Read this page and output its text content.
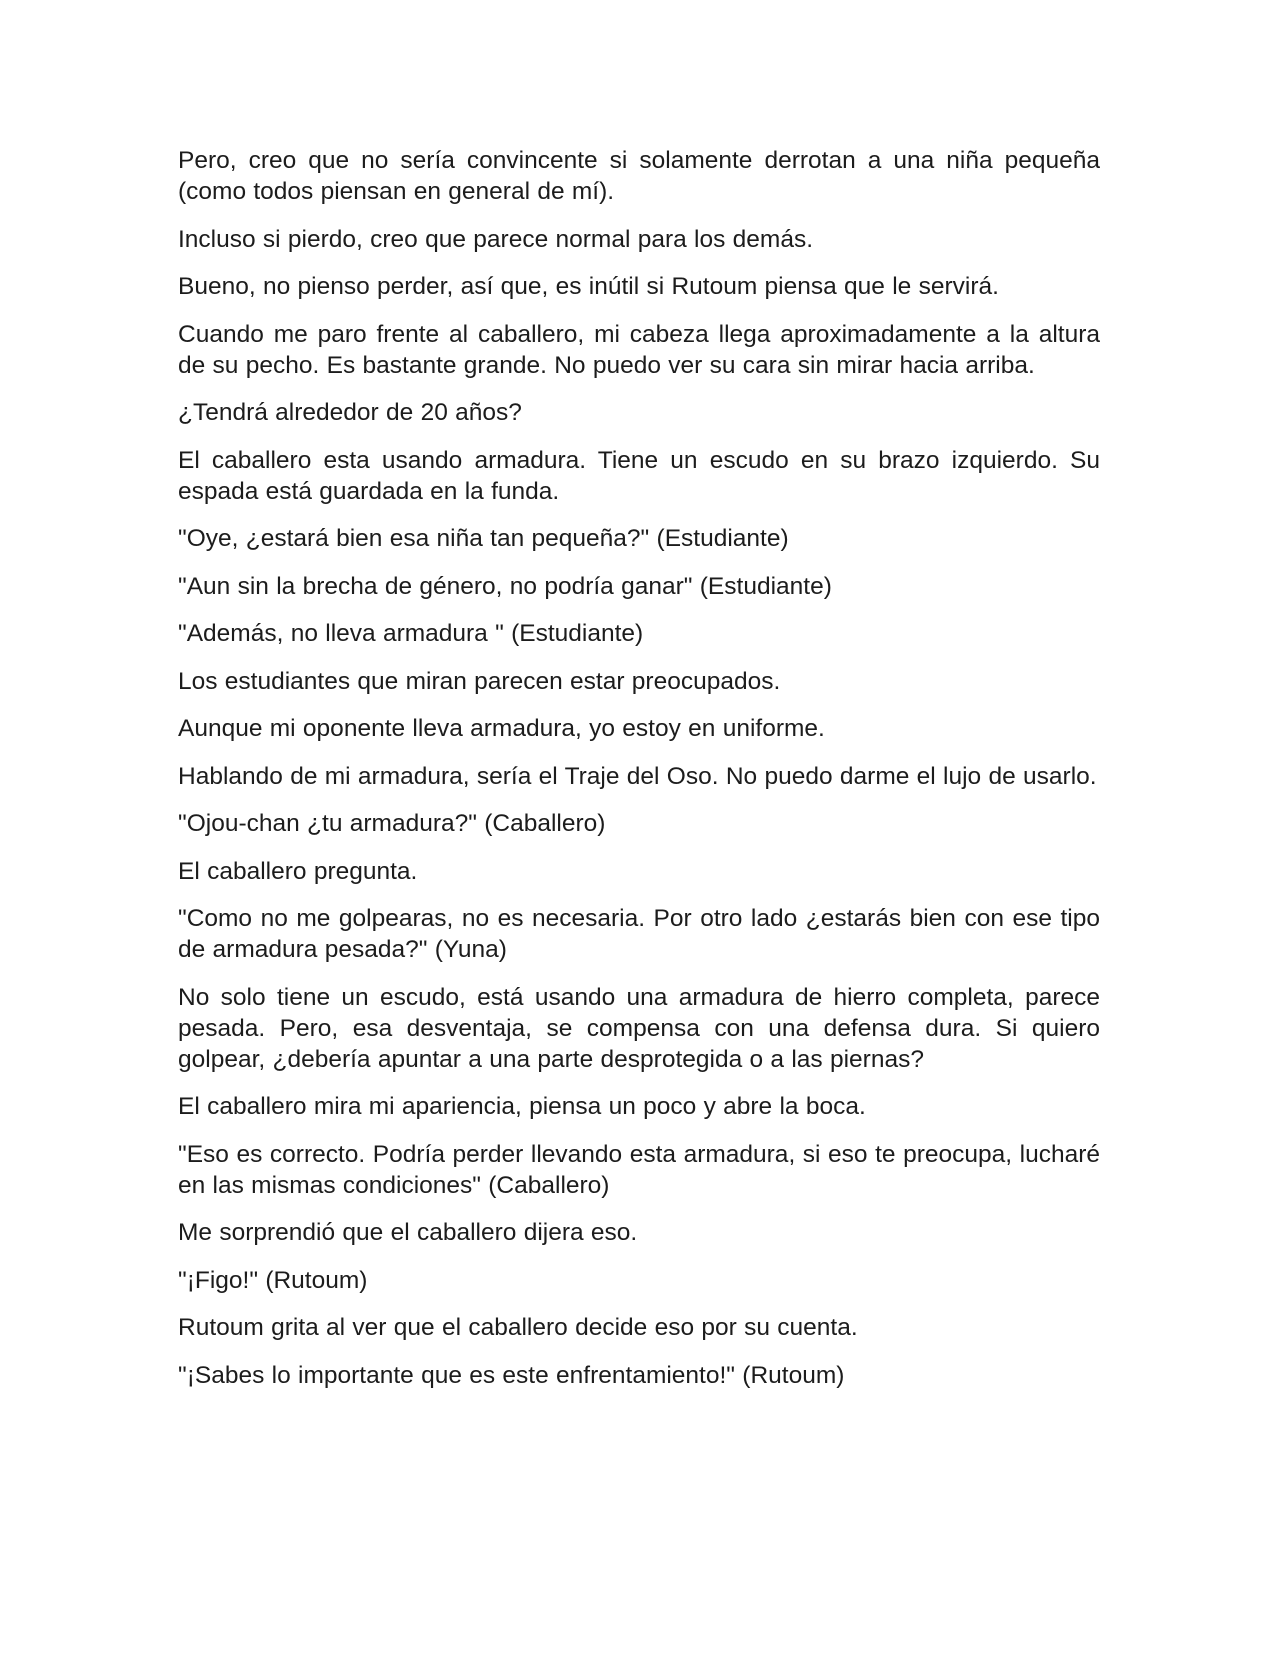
Pero, creo que no sería convincente si solamente derrotan a una niña pequeña (como todos piensan en general de mí).

Incluso si pierdo, creo que parece normal para los demás.

Bueno, no pienso perder, así que, es inútil si Rutoum piensa que le servirá.

Cuando me paro frente al caballero, mi cabeza llega aproximadamente a la altura de su pecho. Es bastante grande. No puedo ver su cara sin mirar hacia arriba.

¿Tendrá alrededor de 20 años?

El caballero esta usando armadura. Tiene un escudo en su brazo izquierdo. Su espada está guardada en la funda.

"Oye, ¿estará bien esa niña tan pequeña?" (Estudiante)

"Aun sin la brecha de género, no podría ganar" (Estudiante)

"Además, no lleva armadura " (Estudiante)

Los estudiantes que miran parecen estar preocupados.

Aunque mi oponente lleva armadura, yo estoy en uniforme.

Hablando de mi armadura, sería el Traje del Oso. No puedo darme el lujo de usarlo.

"Ojou-chan ¿tu armadura?" (Caballero)

El caballero pregunta.

"Como no me golpearas, no es necesaria. Por otro lado ¿estarás bien con ese tipo de armadura pesada?" (Yuna)

No solo tiene un escudo, está usando una armadura de hierro completa, parece pesada. Pero, esa desventaja, se compensa con una defensa dura. Si quiero golpear, ¿debería apuntar a una parte desprotegida o a las piernas?

El caballero mira mi apariencia, piensa un poco y abre la boca.

"Eso es correcto. Podría perder llevando esta armadura, si eso te preocupa, lucharé en las mismas condiciones" (Caballero)

Me sorprendió que el caballero dijera eso.

"¡Figo!" (Rutoum)

Rutoum grita al ver que el caballero decide eso por su cuenta.

"¡Sabes lo importante que es este enfrentamiento!" (Rutoum)
